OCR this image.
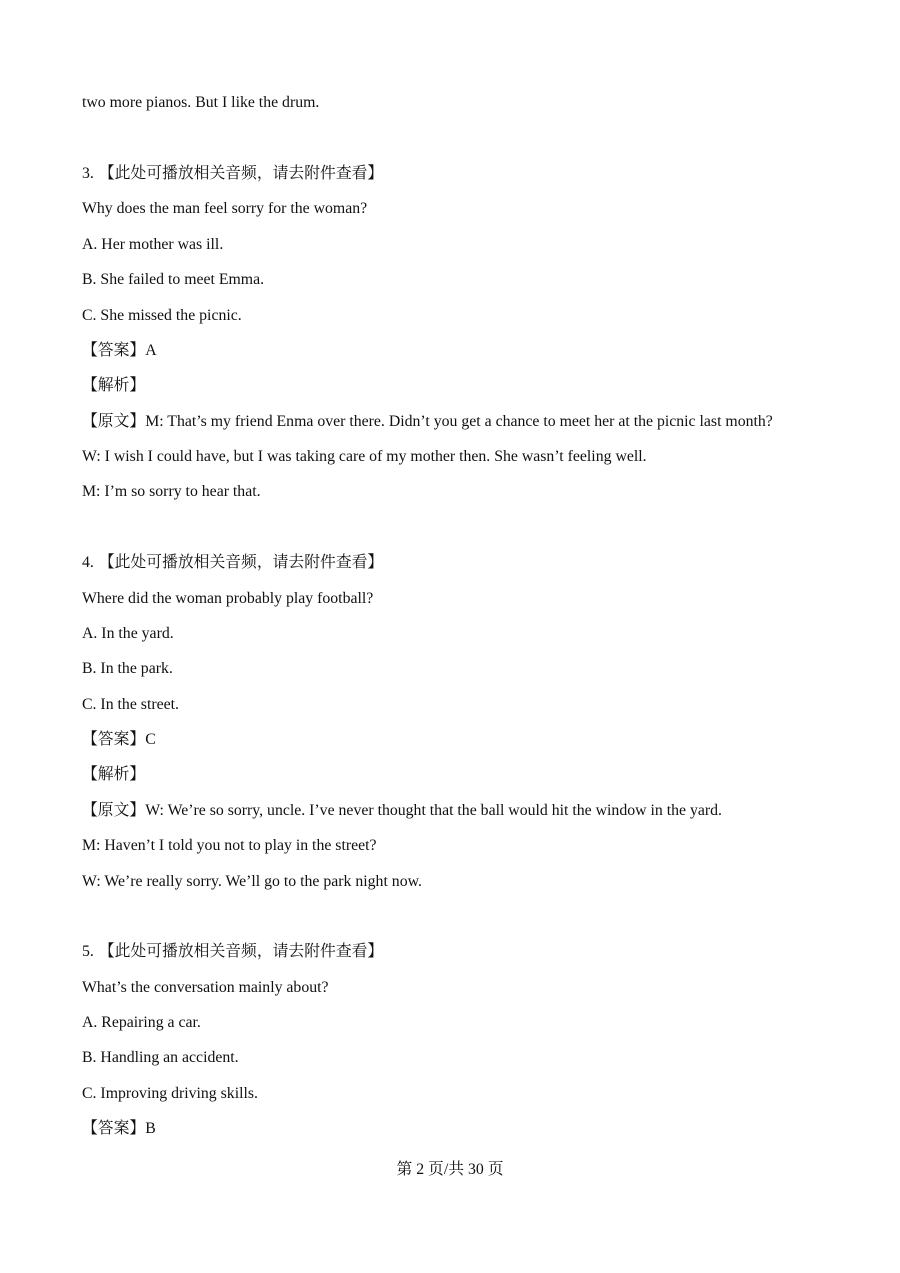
two more pianos. But I like the drum.
3. 【此处可播放相关音频，请去附件查看】
Why does the man feel sorry for the woman?
A. Her mother was ill.
B. She failed to meet Emma.
C. She missed the picnic.
【答案】A
【解析】
【原文】M: That’s my friend Enma over there. Didn’t you get a chance to meet her at the picnic last month?
W: I wish I could have, but I was taking care of my mother then. She wasn’t feeling well.
M: I’m so sorry to hear that.
4. 【此处可播放相关音频，请去附件查看】
Where did the woman probably play football?
A. In the yard.
B. In the park.
C. In the street.
【答案】C
【解析】
【原文】W: We’re so sorry, uncle. I’ve never thought that the ball would hit the window in the yard.
M: Haven’t I told you not to play in the street?
W: We’re really sorry. We’ll go to the park night now.
5. 【此处可播放相关音频，请去附件查看】
What’s the conversation mainly about?
A. Repairing a car.
B. Handling an accident.
C. Improving driving skills.
【答案】B
第 2 页/共 30 页
